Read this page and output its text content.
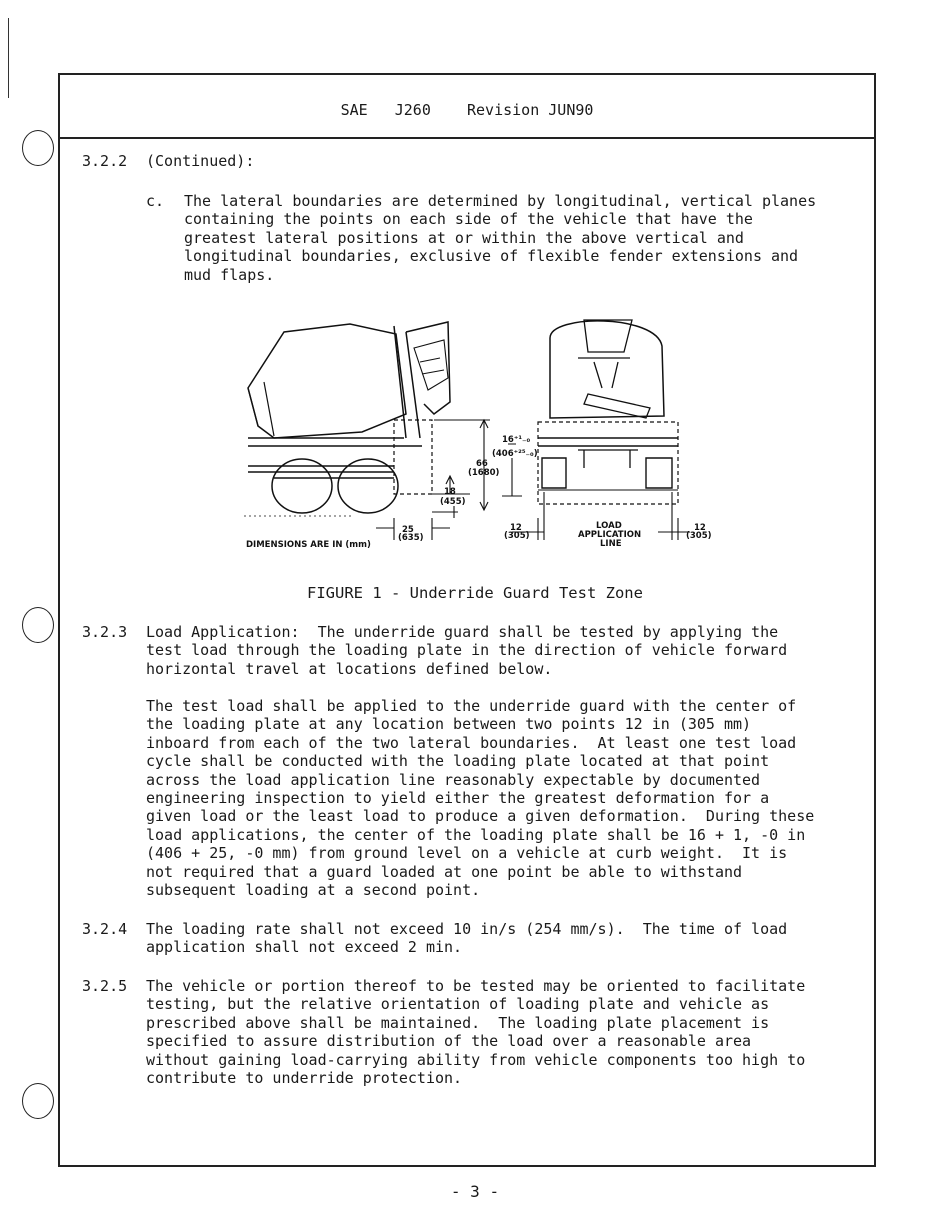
SAE   J260    Revision JUN90
3.2.2 (Continued):
c. The lateral boundaries are determined by longitudinal, vertical planes
containing the points on each side of the vehicle that have the
greatest lateral positions at or within the above vertical and
longitudinal boundaries, exclusive of flexible fender extensions and
mud flaps.
DIMENSIONS ARE IN (mm)
25
(635)
18
(455)
66
(1680)
16⁺¹₋₀
(406⁺²⁵₋₀)
12
(305)
LOAD
APPLICATION
LINE
12
(305)
FIGURE 1 - Underride Guard Test Zone
3.2.3 Load Application:  The underride guard shall be tested by applying the
test load through the loading plate in the direction of vehicle forward
horizontal travel at locations defined below.
The test load shall be applied to the underride guard with the center of
the loading plate at any location between two points 12 in (305 mm)
inboard from each of the two lateral boundaries.  At least one test load
cycle shall be conducted with the loading plate located at that point
across the load application line reasonably expectable by documented
engineering inspection to yield either the greatest deformation for a
given load or the least load to produce a given deformation.  During these
load applications, the center of the loading plate shall be 16 + 1, -0 in
(406 + 25, -0 mm) from ground level on a vehicle at curb weight.  It is
not required that a guard loaded at one point be able to withstand
subsequent loading at a second point.
3.2.4 The loading rate shall not exceed 10 in/s (254 mm/s).  The time of load
application shall not exceed 2 min.
3.2.5 The vehicle or portion thereof to be tested may be oriented to facilitate
testing, but the relative orientation of loading plate and vehicle as
prescribed above shall be maintained.  The loading plate placement is
specified to assure distribution of the load over a reasonable area
without gaining load-carrying ability from vehicle components too high to
contribute to underride protection.
- 3 -
